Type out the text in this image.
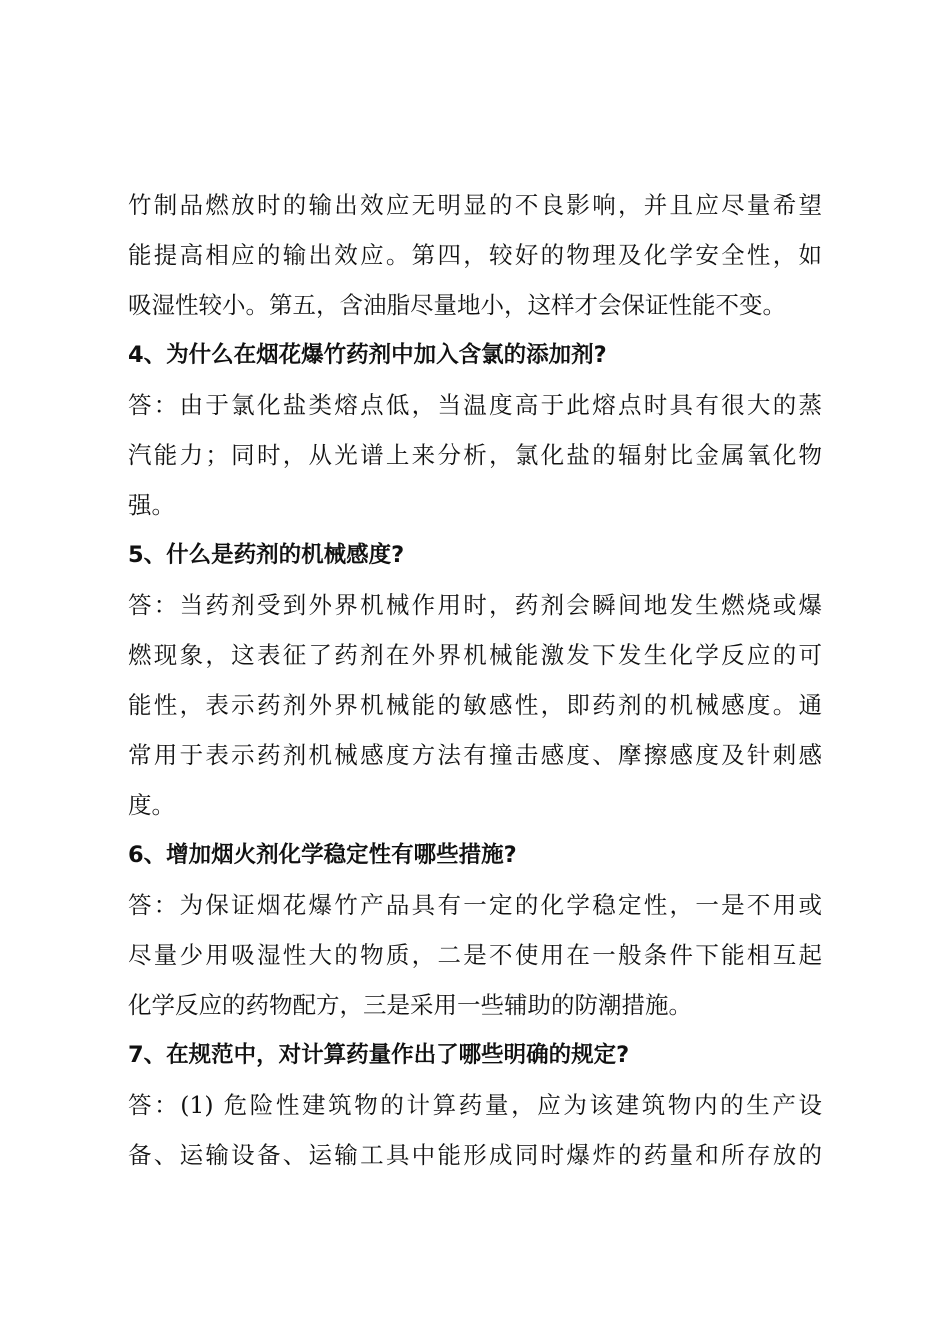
竹制品燃放时的输出效应无明显的不良影响，并且应尽量希望
能提高相应的输出效应。第四，较好的物理及化学安全性，如
吸湿性较小。第五，含油脂尽量地小，这样才会保证性能不变。
4、为什么在烟花爆竹药剂中加入含氯的添加剂?
答：由于氯化盐类熔点低，当温度高于此熔点时具有很大的蒸
汽能力；同时，从光谱上来分析，氯化盐的辐射比金属氧化物
强。
5、什么是药剂的机械感度?
答：当药剂受到外界机械作用时，药剂会瞬间地发生燃烧或爆
燃现象，这表征了药剂在外界机械能激发下发生化学反应的可
能性，表示药剂外界机械能的敏感性，即药剂的机械感度。通
常用于表示药剂机械感度方法有撞击感度、摩擦感度及针刺感
度。
6、增加烟火剂化学稳定性有哪些措施?
答：为保证烟花爆竹产品具有一定的化学稳定性，一是不用或
尽量少用吸湿性大的物质，二是不使用在一般条件下能相互起
化学反应的药物配方，三是采用一些辅助的防潮措施。
7、在规范中，对计算药量作出了哪些明确的规定?
答：(1) 危险性建筑物的计算药量，应为该建筑物内的生产设
备、运输设备、运输工具中能形成同时爆炸的药量和所存放的
